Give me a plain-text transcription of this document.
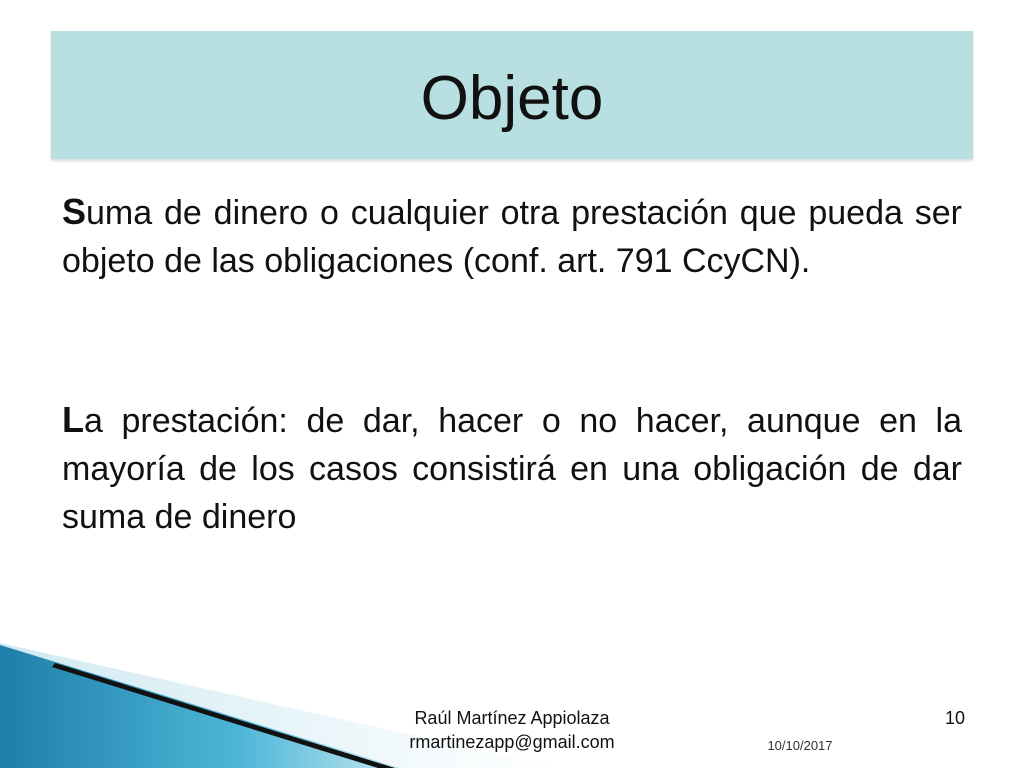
Objeto

Suma de dinero o cualquier otra prestación que pueda ser objeto de las obligaciones (conf. art. 791 CcyCN).

La prestación: de dar, hacer o no hacer, aunque en la mayoría de los casos consistirá en una obligación de dar suma de dinero

Raúl Martínez Appiolaza
rmartinezapp@gmail.com
10
10/10/2017
